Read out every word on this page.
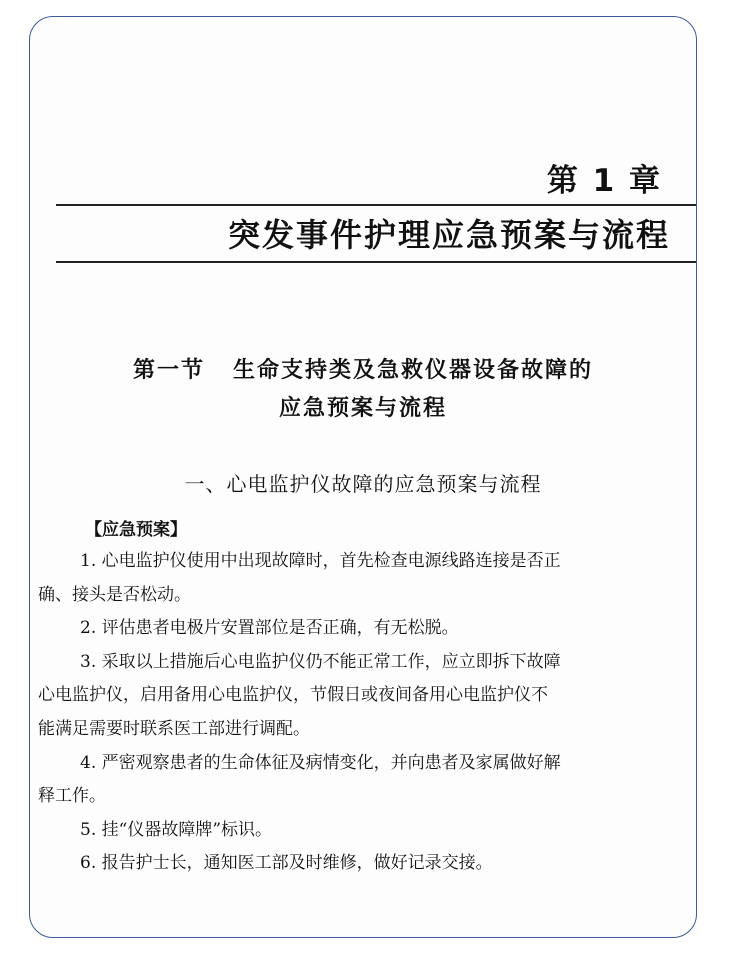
第 1 章
突发事件护理应急预案与流程
第一节 生命支持类及急救仪器设备故障的
应急预案与流程
一、心电监护仪故障的应急预案与流程
【应急预案】
1. 心电监护仪使用中出现故障时，首先检查电源线路连接是否正
确、接头是否松动。
2. 评估患者电极片安置部位是否正确，有无松脱。
3. 采取以上措施后心电监护仪仍不能正常工作，应立即拆下故障
心电监护仪，启用备用心电监护仪，节假日或夜间备用心电监护仪不
能满足需要时联系医工部进行调配。
4. 严密观察患者的生命体征及病情变化，并向患者及家属做好解
释工作。
5. 挂“仪器故障牌”标识。
6. 报告护士长，通知医工部及时维修，做好记录交接。
